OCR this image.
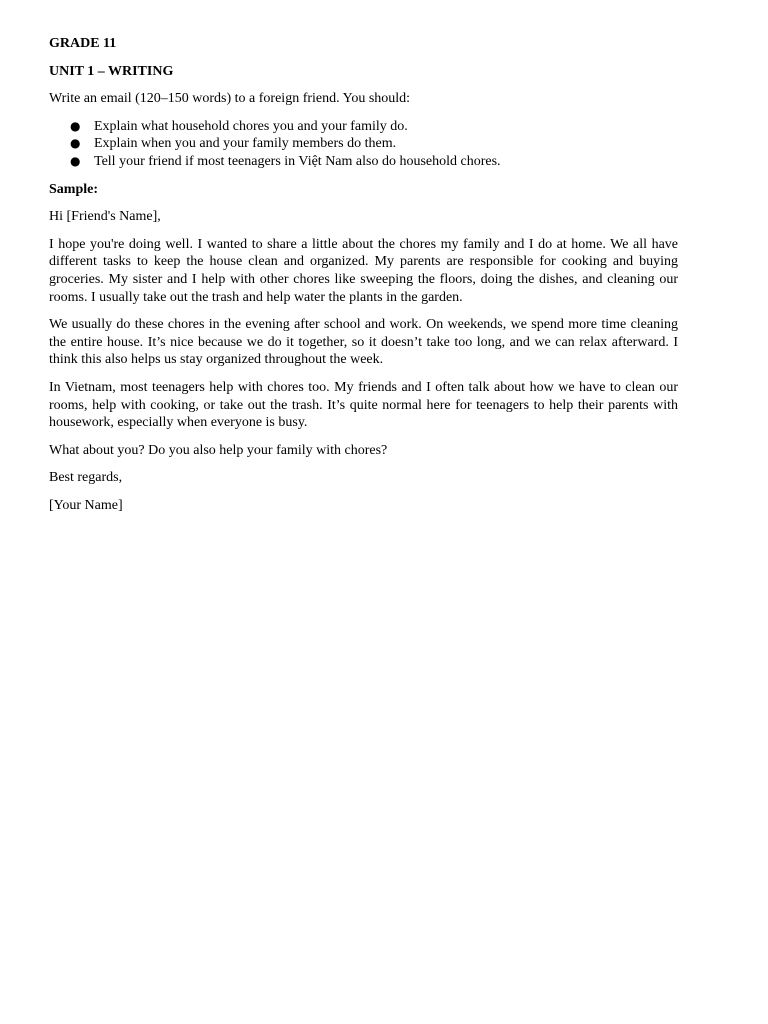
GRADE 11

UNIT 1 – WRITING

Write an email (120–150 words) to a foreign friend. You should:

● Explain what household chores you and your family do.
● Explain when you and your family members do them.
● Tell your friend if most teenagers in Việt Nam also do household chores.

Sample:

Hi [Friend's Name],

I hope you're doing well. I wanted to share a little about the chores my family and I do at home. We all have different tasks to keep the house clean and organized. My parents are responsible for cooking and buying groceries. My sister and I help with other chores like sweeping the floors, doing the dishes, and cleaning our rooms. I usually take out the trash and help water the plants in the garden.

We usually do these chores in the evening after school and work. On weekends, we spend more time cleaning the entire house. It’s nice because we do it together, so it doesn’t take too long, and we can relax afterward. I think this also helps us stay organized throughout the week.

In Vietnam, most teenagers help with chores too. My friends and I often talk about how we have to clean our rooms, help with cooking, or take out the trash. It’s quite normal here for teenagers to help their parents with housework, especially when everyone is busy.

What about you? Do you also help your family with chores?

Best regards,

[Your Name]
